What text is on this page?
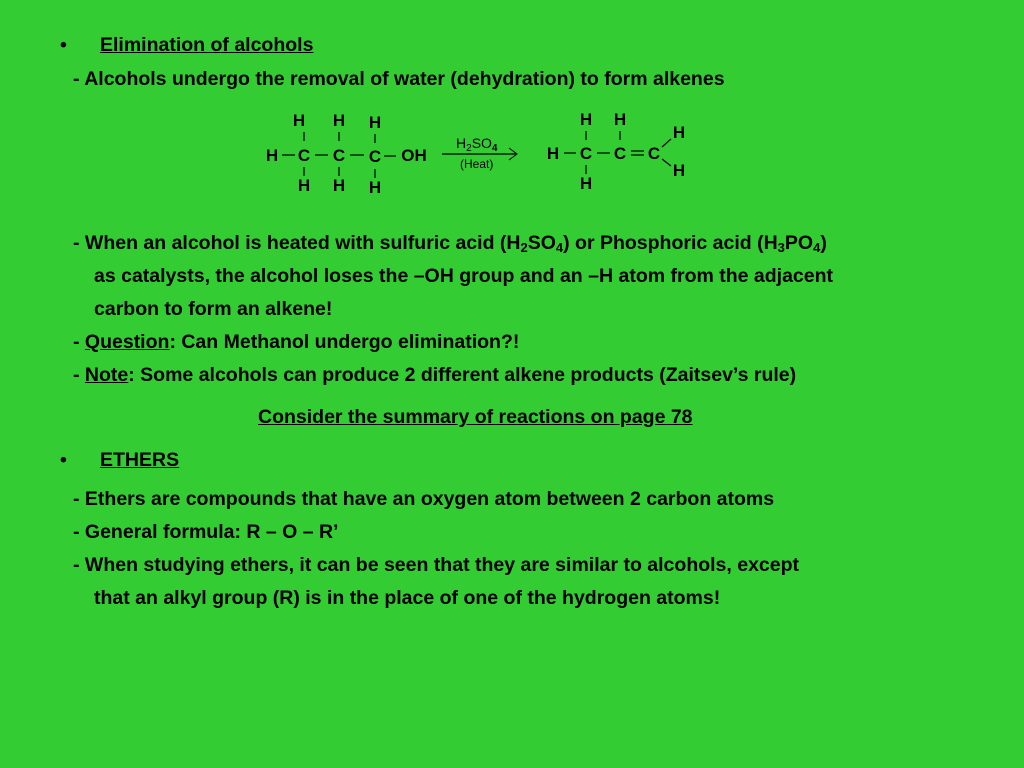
• Elimination of alcohols
- Alcohols undergo the removal of water (dehydration) to form alkenes
H H H
H C C C OH
H H H
$H_2SO_4$
(Heat)
H H
H C C C
H
H
H
- When an alcohol is heated with sulfuric acid $(H_2SO_4)$ or Phosphoric acid $(H_3PO_4)$
as catalysts, the alcohol loses the –OH group and an –H atom from the adjacent
carbon to form an alkene!
- Question: Can Methanol undergo elimination?!
- Note: Some alcohols can produce 2 different alkene products (Zaitsev’s rule)
Consider the summary of reactions on page 78
• ETHERS
- Ethers are compounds that have an oxygen atom between 2 carbon atoms
- General formula: R – O – R’
- When studying ethers, it can be seen that they are similar to alcohols, except
that an alkyl group (R) is in the place of one of the hydrogen atoms!
